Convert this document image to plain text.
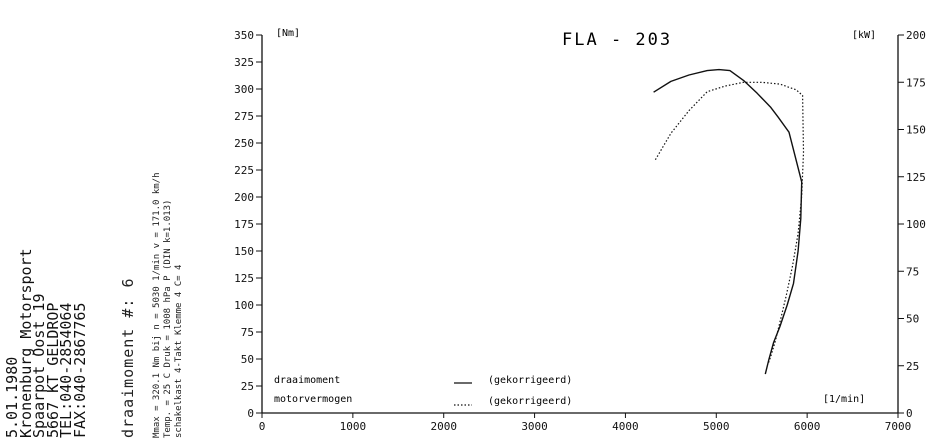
0
25
50
75
100
125
150
175
200
225
250
275
300
325
350
0
25
50
75
100
125
150
175
200
0	1000	2000	3000	4000	5000	6000	7000
draaimoment	(gekorrigeerd)
motorvermogen	(gekorrigeerd)
FLA - 203
[Nm]	[kW]
[1/min]
5.01.1980
Kronenburg Motorsport
Spaarpot Oost 19
5667 KT GELDROP
TEL:040-2854064
FAX:040-2867765 draaimoment #: 6 Mmax = 320.1 Nm bij n = 5030 1/min v = 171.0 km/h Temp. = 25 C Druk = 1008 hPa P (DIN k=1.013) schakelkast 4-Takt Klemme 4 C= 4
